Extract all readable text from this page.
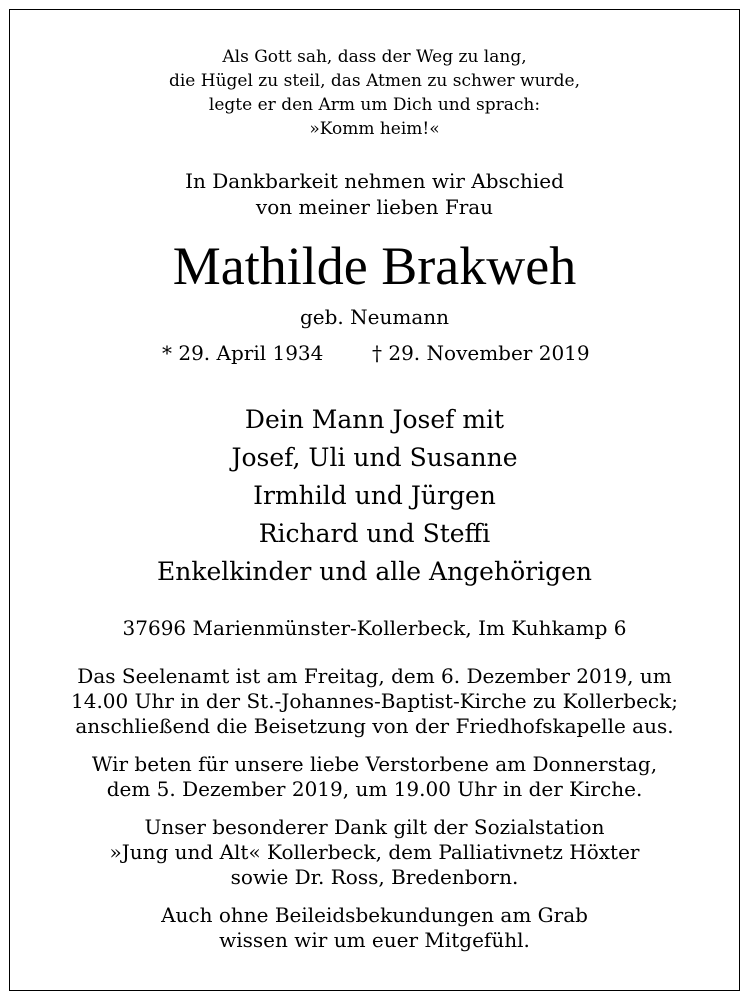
Als Gott sah, dass der Weg zu lang,
die Hügel zu steil, das Atmen zu schwer wurde,
legte er den Arm um Dich und sprach:
»Komm heim!«
In Dankbarkeit nehmen wir Abschied
von meiner lieben Frau
Mathilde Brakweh
geb. Neumann
* 29. April 1934 † 29. November 2019
Dein Mann Josef mit
Josef, Uli und Susanne
Irmhild und Jürgen
Richard und Steffi
Enkelkinder und alle Angehörigen
37696 Marienmünster-Kollerbeck, Im Kuhkamp 6
Das Seelenamt ist am Freitag, dem 6. Dezember 2019, um
14.00 Uhr in der St.-Johannes-Baptist-Kirche zu Kollerbeck;
anschließend die Beisetzung von der Friedhofskapelle aus.
Wir beten für unsere liebe Verstorbene am Donnerstag,
dem 5. Dezember 2019, um 19.00 Uhr in der Kirche.
Unser besonderer Dank gilt der Sozialstation
»Jung und Alt« Kollerbeck, dem Palliativnetz Höxter
sowie Dr. Ross, Bredenborn.
Auch ohne Beileidsbekundungen am Grab
wissen wir um euer Mitgefühl.
